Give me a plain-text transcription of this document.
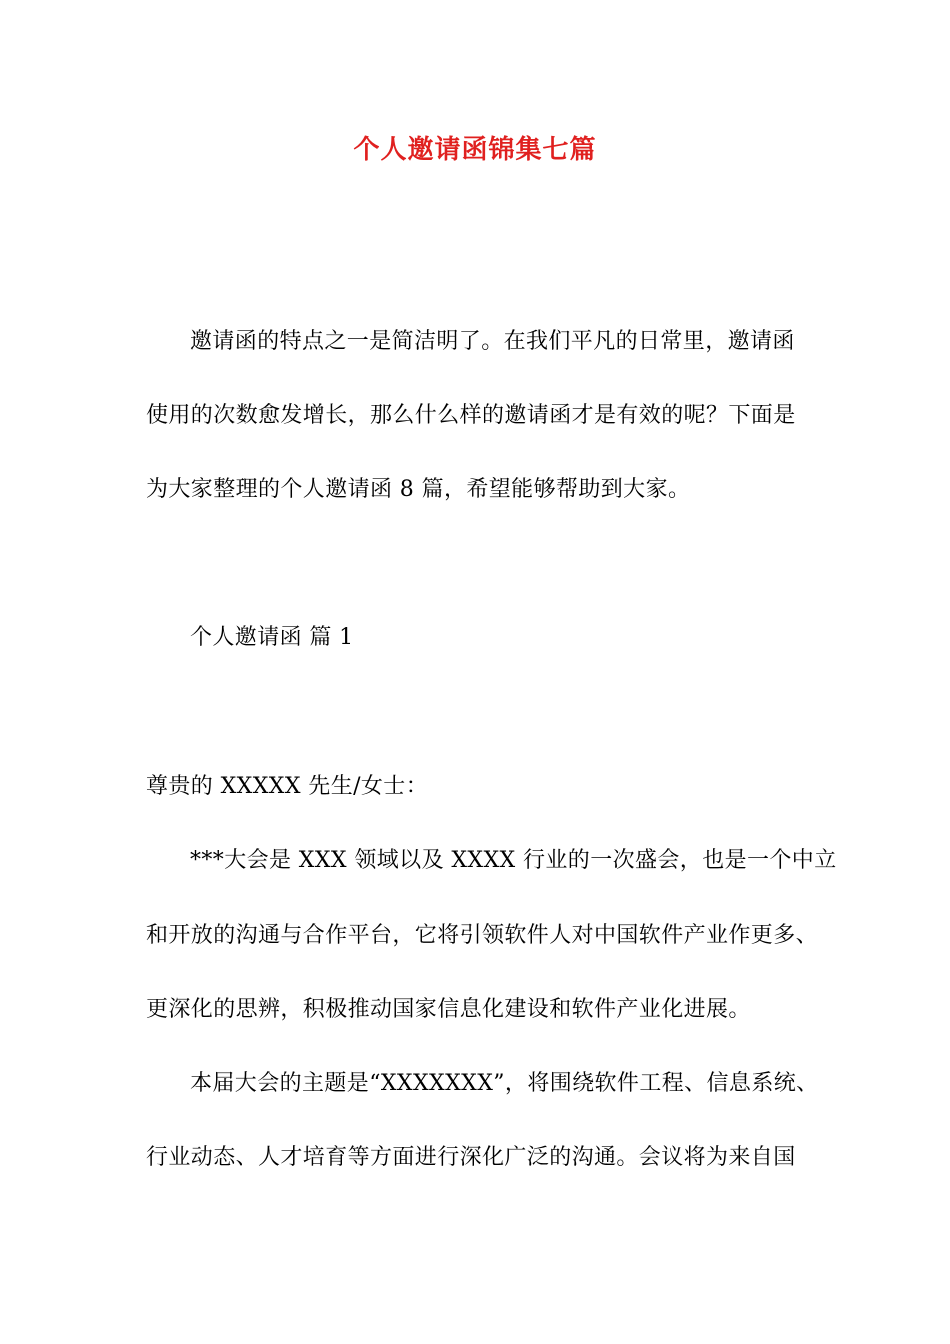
个人邀请函锦集七篇
邀请函的特点之一是简洁明了。在我们平凡的日常里，邀请函
使用的次数愈发增长，那么什么样的邀请函才是有效的呢？下面是
为大家整理的个人邀请函 8 篇，希望能够帮助到大家。
个人邀请函 篇 1
尊贵的 XXXXX 先生/女士：
***大会是 XXX 领域以及 XXXX 行业的一次盛会，也是一个中立
和开放的沟通与合作平台，它将引领软件人对中国软件产业作更多、
更深化的思辨，积极推动国家信息化建设和软件产业化进展。
本届大会的主题是“XXXXXXX”，将围绕软件工程、信息系统、
行业动态、人才培育等方面进行深化广泛的沟通。会议将为来自国
